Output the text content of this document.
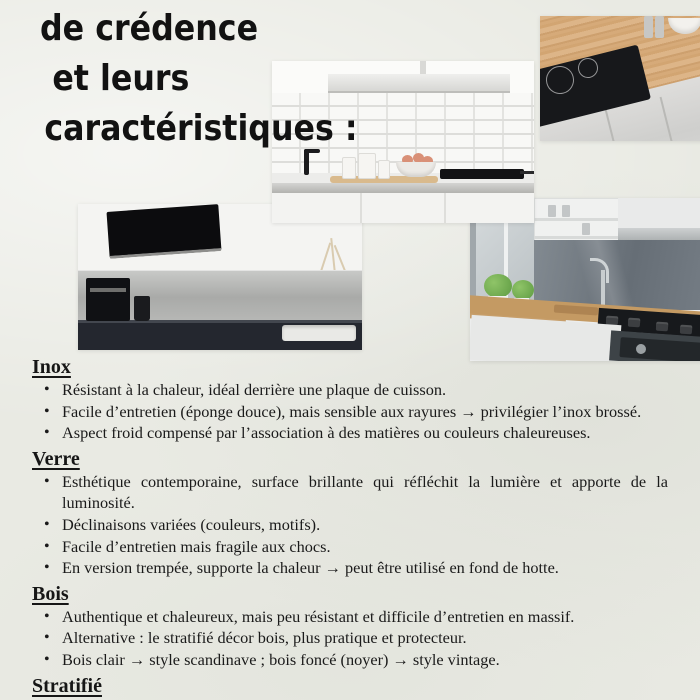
de crédence
et leurs
caractéristiques :
Inox
• Résistant à la chaleur, idéal derrière une plaque de cuisson.
• Facile d’entretien (éponge douce), mais sensible aux rayures → privilégier l’inox brossé.
• Aspect froid compensé par l’association à des matières ou couleurs chaleureuses.
Verre
• Esthétique contemporaine, surface brillante qui réfléchit la lumière et apporte de la luminosité.
• Déclinaisons variées (couleurs, motifs).
• Facile d’entretien mais fragile aux chocs.
• En version trempée, supporte la chaleur → peut être utilisé en fond de hotte.
Bois
• Authentique et chaleureux, mais peu résistant et difficile d’entretien en massif.
• Alternative : le stratifié décor bois, plus pratique et protecteur.
• Bois clair → style scandinave ; bois foncé (noyer) → style vintage.
Stratifié
